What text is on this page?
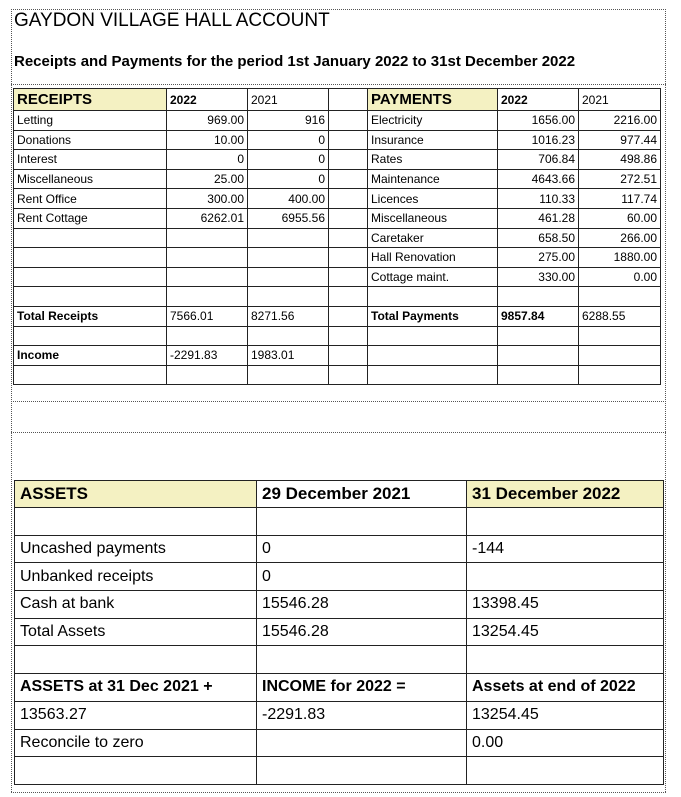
GAYDON VILLAGE HALL ACCOUNT
Receipts and Payments for the period 1st January 2022 to 31st December 2022
RECEIPTS	2022	2021		PAYMENTS	2022	2021
Letting	969.00	916		Electricity	1656.00	2216.00
Donations	10.00	0		Insurance	1016.23	977.44
Interest	0	0		Rates	706.84	498.86
Miscellaneous	25.00	0		Maintenance	4643.66	272.51
Rent Office	300.00	400.00		Licences	110.33	117.74
Rent Cottage	6262.01	6955.56		Miscellaneous	461.28	60.00
				Caretaker	658.50	266.00
				Hall Renovation	275.00	1880.00
				Cottage maint.	330.00	0.00

Total Receipts	7566.01	8271.56		Total Payments	9857.84	6288.55

Income	-2291.83	1983.01				

ASSETS	29 December 2021	31 December 2022

Uncashed payments	0	-144
Unbanked receipts	0	
Cash at bank	15546.28	13398.45
Total Assets	15546.28	13254.45

ASSETS at 31 Dec 2021 +	INCOME for 2022 =	Assets at end of 2022
13563.27	-2291.83	13254.45
Reconcile to zero		0.00
